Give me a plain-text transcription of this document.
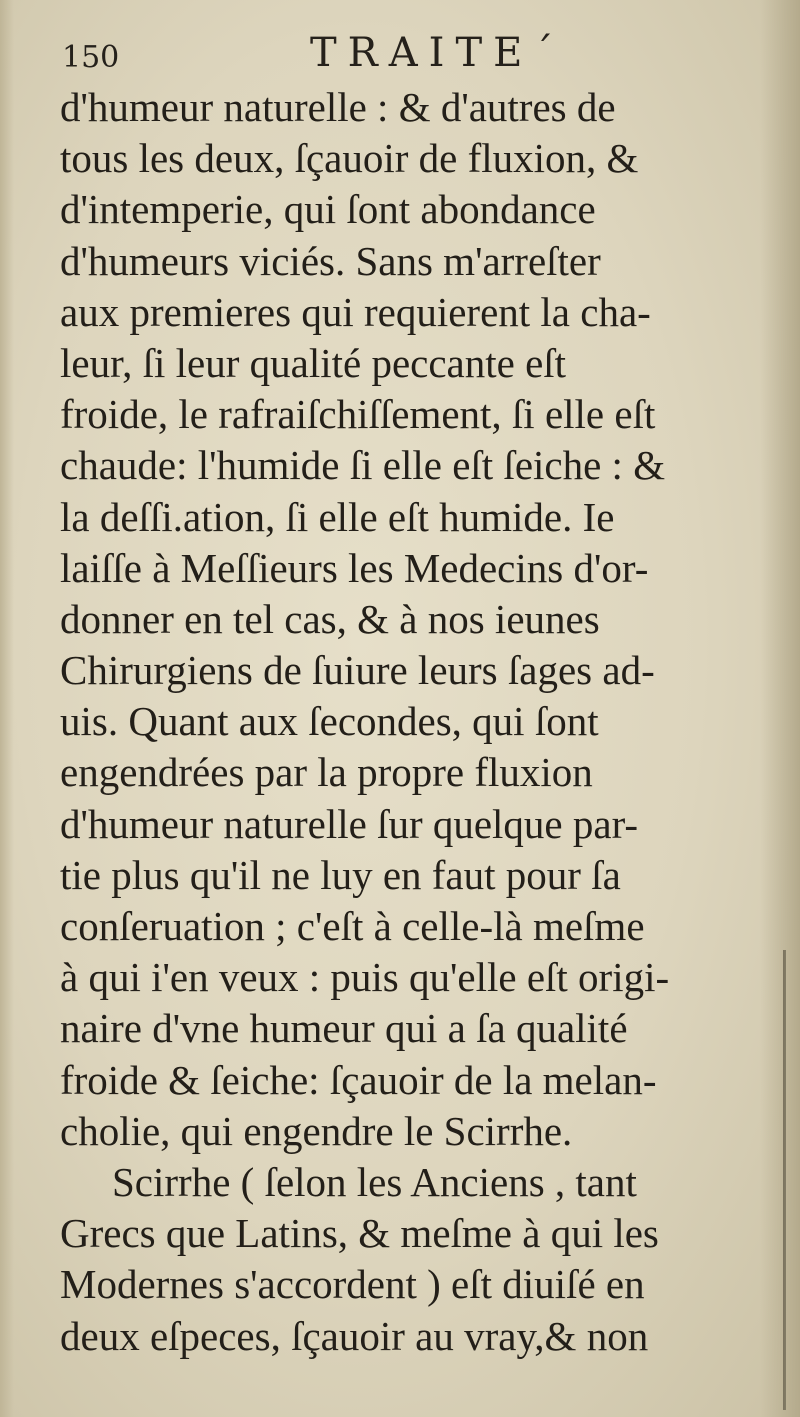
150	TRAITE´
d'humeur naturelle : & d'autres de
tous les deux, ſçauoir de fluxion, &
d'intemperie, qui ſont abondance
d'humeurs viciés. Sans m'arreſter
aux premieres qui requierent la cha-
leur, ſi leur qualité peccante eſt
froide, le rafraiſchiſſement, ſi elle eſt
chaude: l'humide ſi elle eſt ſeiche : &
la deſſi.ation, ſi elle eſt humide. Ie
laiſſe à Meſſieurs les Medecins d'or-
donner en tel cas, & à nos ieunes
Chirurgiens de ſuiure leurs ſages ad-
uis. Quant aux ſecondes, qui ſont
engendrées par la propre fluxion
d'humeur naturelle ſur quelque par-
tie plus qu'il ne luy en faut pour ſa
conſeruation ; c'eſt à celle-là meſme
à qui i'en veux : puis qu'elle eſt origi-
naire d'vne humeur qui a ſa qualité
froide & ſeiche: ſçauoir de la melan-
cholie, qui engendre le Scirrhe.
Scirrhe ( ſelon les Anciens , tant
Grecs que Latins, & meſme à qui les
Modernes s'accordent ) eſt diuiſé en
deux eſpeces, ſçauoir au vray,& non
